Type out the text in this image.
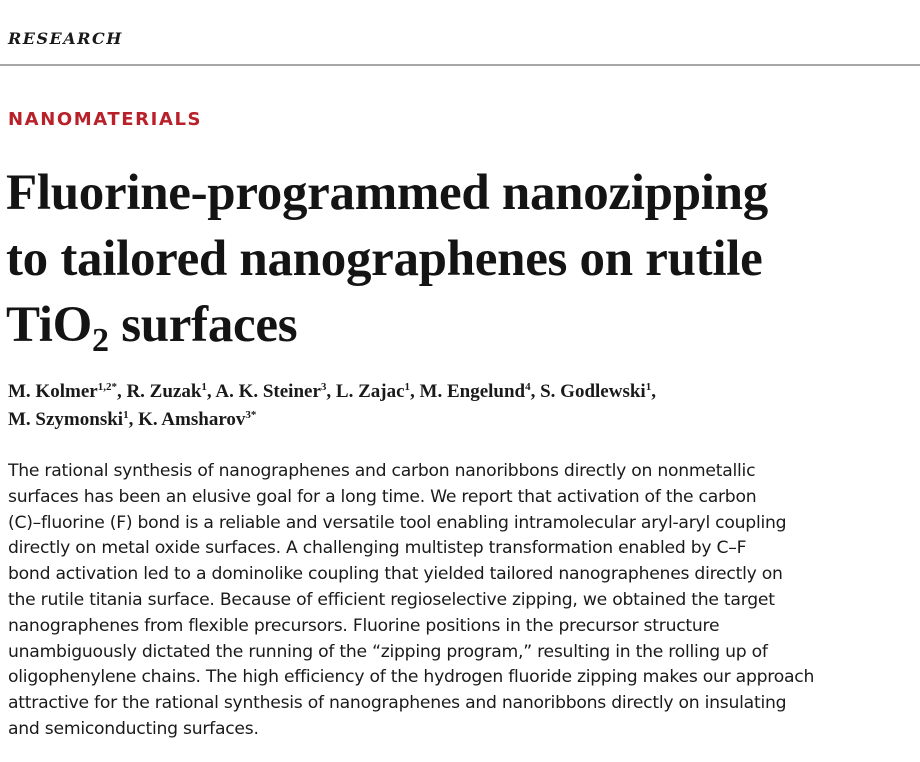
RESEARCH
NANOMATERIALS
Fluorine-programmed nanozipping
to tailored nanographenes on rutile
TiO$_2$ surfaces

M. Kolmer$^{1,2*}$, R. Zuzak$^1$, A. K. Steiner$^3$, L. Zajac$^1$, M. Engelund$^4$, S. Godlewski$^1$,
M. Szymonski$^1$, K. Amsharov$^{3*}$

The rational synthesis of nanographenes and carbon nanoribbons directly on nonmetallic
surfaces has been an elusive goal for a long time. We report that activation of the carbon
(C)–fluorine (F) bond is a reliable and versatile tool enabling intramolecular aryl-aryl coupling
directly on metal oxide surfaces. A challenging multistep transformation enabled by C–F
bond activation led to a dominolike coupling that yielded tailored nanographenes directly on
the rutile titania surface. Because of efficient regioselective zipping, we obtained the target
nanographenes from flexible precursors. Fluorine positions in the precursor structure
unambiguously dictated the running of the “zipping program,” resulting in the rolling up of
oligophenylene chains. The high efficiency of the hydrogen fluoride zipping makes our approach
attractive for the rational synthesis of nanographenes and nanoribbons directly on insulating
and semiconducting surfaces.
